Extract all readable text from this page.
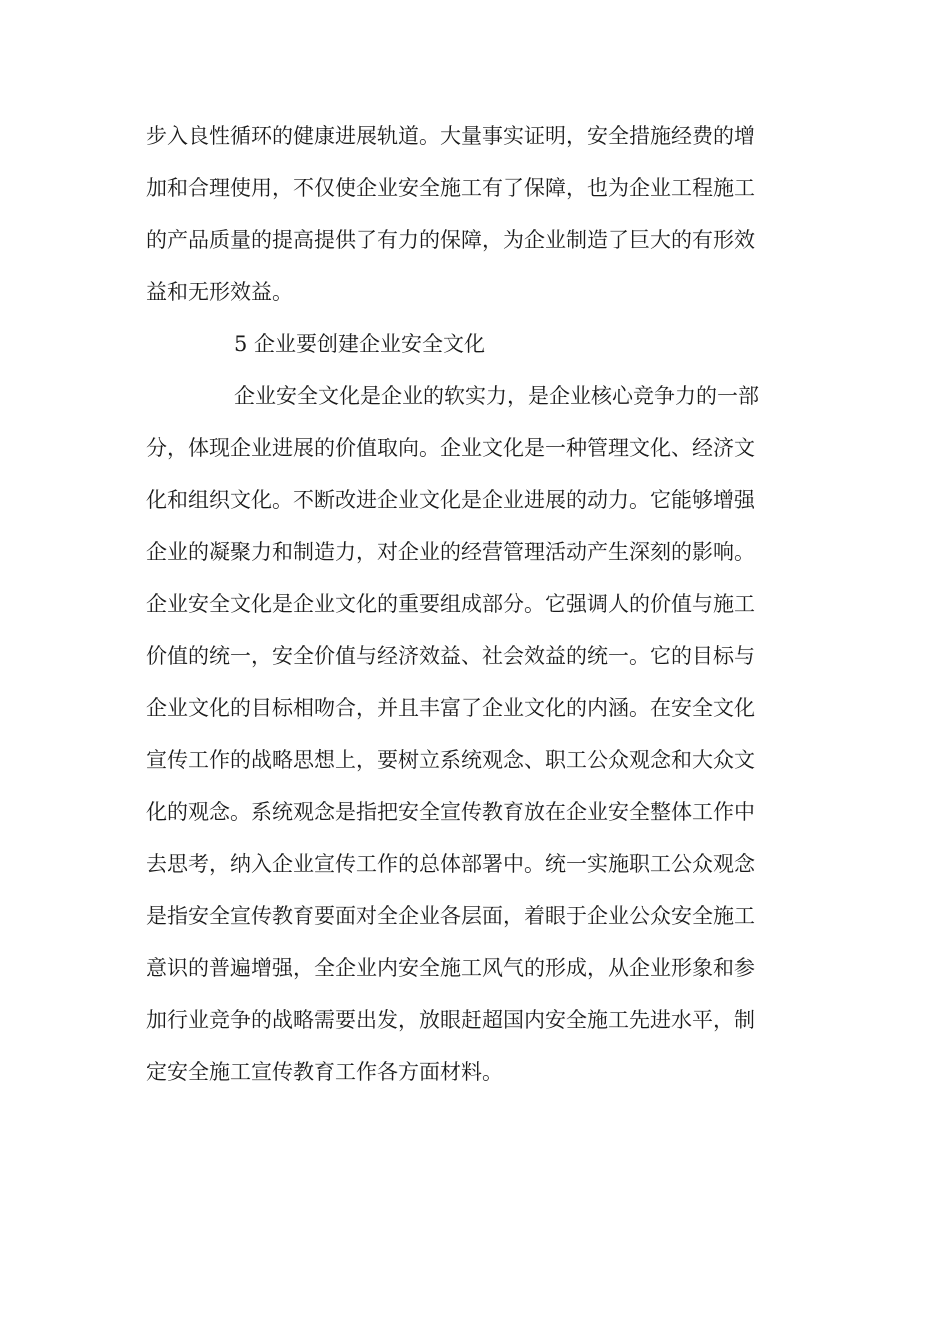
步入良性循环的健康进展轨道。大量事实证明，安全措施经费的增
加和合理使用，不仅使企业安全施工有了保障，也为企业工程施工
的产品质量的提高提供了有力的保障，为企业制造了巨大的有形效
益和无形效益。
5 企业要创建企业安全文化
企业安全文化是企业的软实力，是企业核心竞争力的一部
分，体现企业进展的价值取向。企业文化是一种管理文化、经济文
化和组织文化。不断改进企业文化是企业进展的动力。它能够增强
企业的凝聚力和制造力，对企业的经营管理活动产生深刻的影响。
企业安全文化是企业文化的重要组成部分。它强调人的价值与施工
价值的统一，安全价值与经济效益、社会效益的统一。它的目标与
企业文化的目标相吻合，并且丰富了企业文化的内涵。在安全文化
宣传工作的战略思想上，要树立系统观念、职工公众观念和大众文
化的观念。系统观念是指把安全宣传教育放在企业安全整体工作中
去思考，纳入企业宣传工作的总体部署中。统一实施职工公众观念
是指安全宣传教育要面对全企业各层面，着眼于企业公众安全施工
意识的普遍增强，全企业内安全施工风气的形成，从企业形象和参
加行业竞争的战略需要出发，放眼赶超国内安全施工先进水平，制
定安全施工宣传教育工作各方面材料。
